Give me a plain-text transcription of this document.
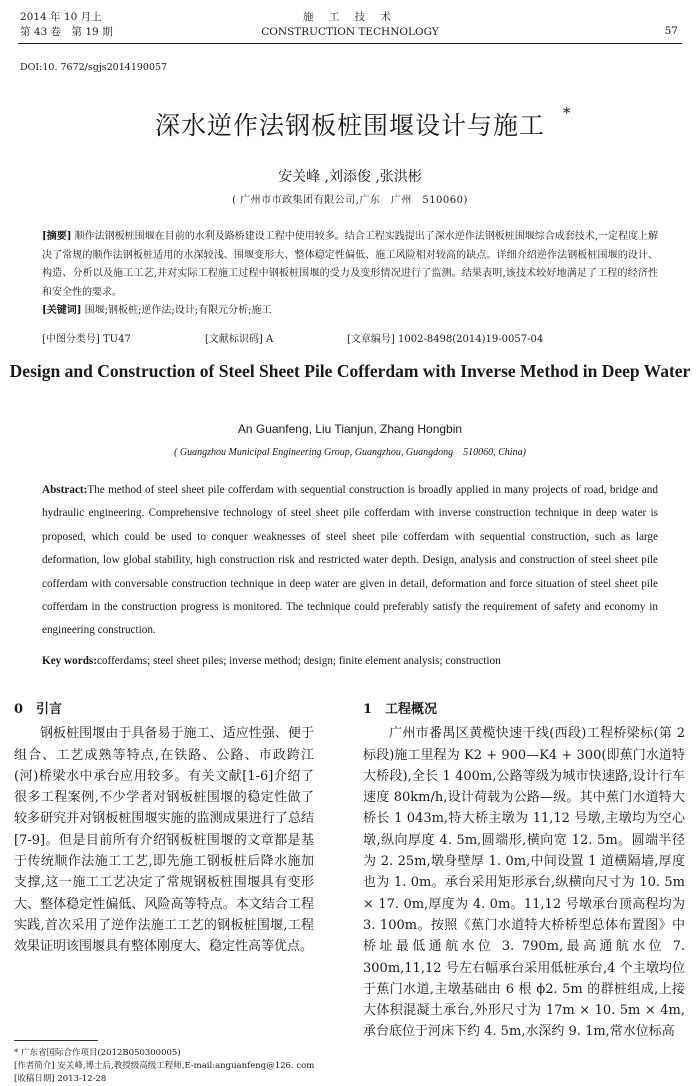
2014 年 10 月上
第 43 卷　第 19 期
施 工 技 术
CONSTRUCTION TECHNOLOGY	57
DOI:10. 7672/sgjs2014190057
深水逆作法钢板桩围堰设计与施工	*
安关峰 ,刘添俊 ,张洪彬
( 广州市市政集团有限公司,广东　广州　510060)

[摘要] 顺作法钢板桩围堰在目前的水利及路桥建设工程中使用较多。结合工程实践提出了深水逆作法钢板桩围堰综合成套技术,一定程度上解决了常规的顺作法钢板桩适用的水深较浅、围堰变形大、整体稳定性偏低、施工风险相对较高的缺点。详细介绍逆作法钢板桩围堰的设计、构造、分析以及施工工艺,并对实际工程施工过程中钢板桩围堰的受力及变形情况进行了监测。结果表明,该技术较好地满足了工程的经济性和安全性的要求。

[关键词] 围堰;钢板桩;逆作法;设计;有限元分析;施工

[中图分类号] TU47	[文献标识码] A	[文章编号] 1002-8498(2014)19-0057-04
Design and Construction of Steel Sheet Pile Cofferdam with Inverse Method in Deep Water
An Guanfeng, Liu Tianjun, Zhang Hongbin
( Guangzhou Municipal Engineering Group, Guangzhou, Guangdong　510060, China)
Abstract:The method of steel sheet pile cofferdam with sequential construction is broadly applied in many projects of road, bridge and hydraulic engineering. Comprehensive technology of steel sheet pile cofferdam with inverse construction technique in deep water is proposed, which could be used to conquer weaknesses of steel sheet pile cofferdam with sequential construction, such as large deformation, low global stability, high construction risk and restricted water depth. Design, analysis and construction of steel sheet pile cofferdam with conversable construction technique in deep water are given in detail, deformation and force situation of steel sheet pile cofferdam in the construction progress is monitored. The technique could preferably satisfy the requirement of safety and economy in engineering construction.
Key words:cofferdams; steel sheet piles; inverse method; design; finite element analysis; construction
0 引言

钢板桩围堰由于具备易于施工、适应性强、便于组合、工艺成熟等特点,在铁路、公路、市政跨江(河)桥梁水中承台应用较多。有关文献[1-6]介绍了很多工程案例,不少学者对钢板桩围堰的稳定性做了较多研究并对钢板桩围堰实施的监测成果进行了总结[7-9]。但是目前所有介绍钢板桩围堰的文章都是基于传统顺作法施工工艺,即先施工钢板桩后降水施加支撑,这一施工工艺决定了常规钢板桩围堰具有变形大、整体稳定性偏低、风险高等特点。本文结合工程实践,首次采用了逆作法施工工艺的钢板桩围堰,工程效果证明该围堰具有整体刚度大、稳定性高等优点。

1 工程概况

广州市番禺区黄榄快速干线(西段)工程桥梁标(第 2 标段)施工里程为 K2 + 900—K4 + 300(即蕉门水道特大桥段),全长 1 400m,公路等级为城市快速路,设计行车速度 80km/h,设计荷载为公路—级。其中蕉门水道特大桥长 1 043m,特大桥主墩为 11,12 号墩,主墩均为空心墩,纵向厚度 4. 5m,圆端形,横向宽 12. 5m。圆端半径为 2. 25m,墩身壁厚 1. 0m,中间设置 1 道横隔墙,厚度也为 1. 0m。承台采用矩形承台,纵横向尺寸为 10. 5m × 17. 0m,厚度为 4. 0m。11,12 号墩承台顶高程均为 3. 100m。按照《蕉门水道特大桥桥型总体布置图》中桥址最低通航水位 3. 790m,最高通航水位 7. 300m,11,12 号左右幅承台采用低桩承台,4 个主墩均位于蕉门水道,主墩基础由 6 根 ϕ2. 5m 的群桩组成,上接大体积混凝土承台,外形尺寸为 17m × 10. 5m × 4m,承台底位于河床下约 4. 5m,水深约 9. 1m,常水位标高

* 广东省国际合作项目(2012B050300005)

[作者简介] 安关峰,博士后,教授级高级工程师,E-mail:anguanfeng@126. com

[收稿日期] 2013-12-28
